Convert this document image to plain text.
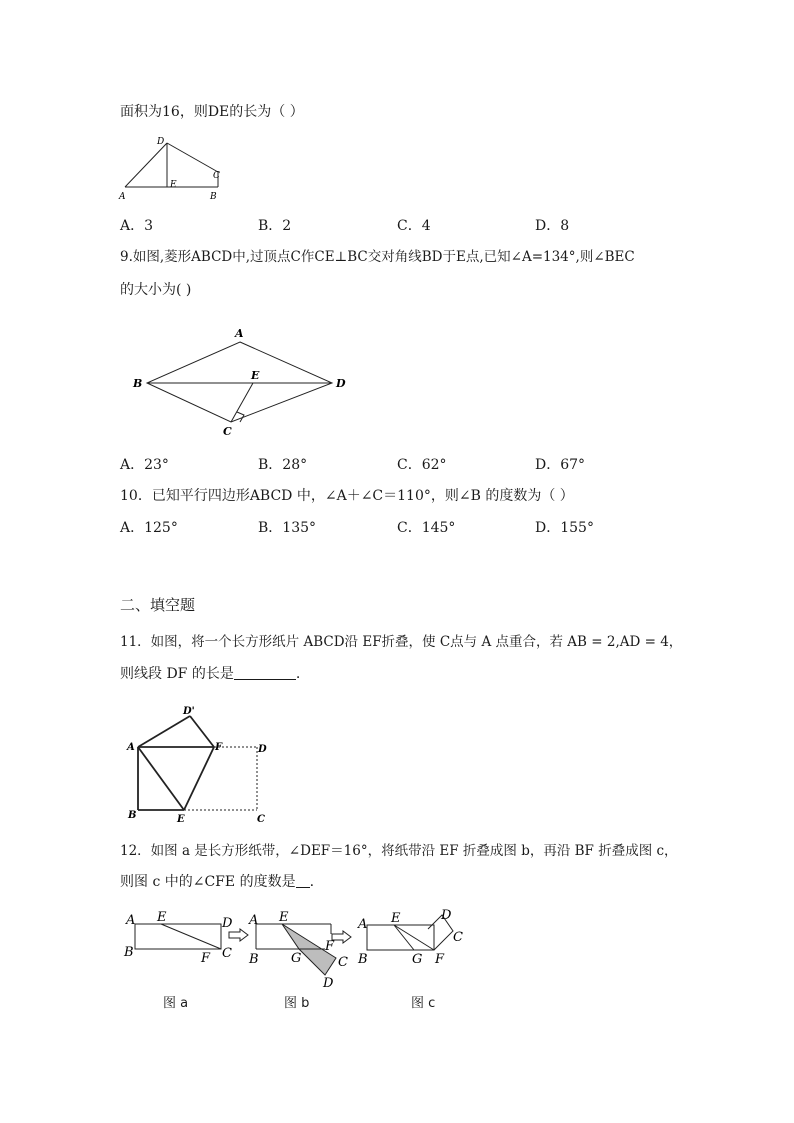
面积为16，则DE的长为（ ）
A
D
E
C
B
A．3	B．2	C．4	D．8
9.如图,菱形ABCD中,过顶点C作CE⊥BC交对角线BD于E点,已知∠A=134°,则∠BEC
的大小为( )
A
B	D
E
C
A．23°	B．28°	C．62°	D．67°
10．已知平行四边形ABCD 中，∠A＋∠C＝110°，则∠B 的度数为（ ）
A．125°	B．135°	C．145°	D．155°
二、填空题
11．如图，将一个长方形纸片 ABCD沿 EF折叠，使 C点与 A 点重合，若 AB = 2,AD = 4，
则线段 DF 的长是	.
A
D'
F	D
B	E	C
12．如图 a 是长方形纸带，∠DEF＝16°，将纸带沿 EF 折叠成图 b，再沿 BF 折叠成图 c，
则图 c 中的∠CFE 的度数是 .
A E	D
B	F C
A E
B G
F
C
D
A E
B	G F
D
C
图 a	图 b	图 c
